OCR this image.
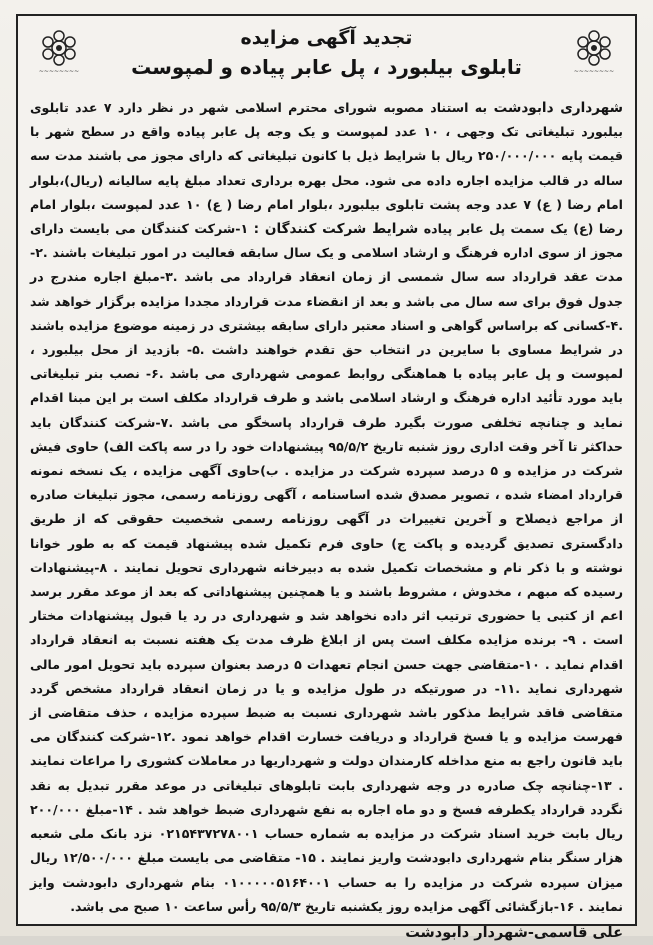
~~~~~~~~	~~~~~~~~
تجدید آگهی مزایده
تابلوی بیلبورد ، پل عابر پیاده و لمپوست

شهرداری دابودشت به استناد مصوبه شورای محترم اسلامی شهر در نظر دارد ۷ عدد تابلوی بیلبورد تبلیغاتی تک وجهی ، ۱۰ عدد لمپوست و یک وجه پل عابر پیاده واقع در سطح شهر با قیمت پایه ۲۵۰/۰۰۰/۰۰۰ ریال با شرایط ذیل با کانون تبلیغاتی که دارای مجوز می باشند مدت سه ساله در قالب مزایده اجاره داده می شود. محل بهره برداری تعداد مبلغ پایه سالیانه (ریال)،بلوار امام رضا ( ع) ۷ عدد وجه پشت تابلوی بیلبورد ،بلوار امام رضا ( ع) ۱۰ عدد لمپوست ،بلوار امام رضا (ع) یک سمت پل عابر پیاده شرایط شرکت کنندگان : ۱-شرکت کنندگان می بایست دارای مجوز از سوی اداره فرهنگ و ارشاد اسلامی و یک سال سابقه فعالیت در امور تبلیغات باشند .۲-مدت عقد قرارداد سه سال شمسی از زمان انعقاد قرارداد می باشد .۳-مبلغ اجاره مندرج در جدول فوق برای سه سال می باشد و بعد از انقضاء مدت قرارداد مجددا مزایده برگزار خواهد شد .۴-کسانی که براساس گواهی و اسناد معتبر دارای سابقه بیشتری در زمینه موضوع مزایده باشند در شرایط مساوی با سایرین در انتخاب حق تقدم خواهند داشت .۵- بازدید از محل بیلبورد ، لمپوست و پل عابر پیاده با هماهنگی روابط عمومی شهرداری می باشد .۶- نصب بنر تبلیغاتی باید مورد تأئید اداره فرهنگ و ارشاد اسلامی باشد و طرف قرارداد مکلف است بر این مبنا اقدام نماید و چنانچه تخلفی صورت بگیرد طرف قرارداد پاسخگو می باشد .۷-شرکت کنندگان باید حداکثر تا آخر وقت اداری روز شنبه تاریخ ۹۵/۵/۲ پیشنهادات خود را در سه پاکت الف) حاوی فیش شرکت در مزایده و ۵ درصد سپرده شرکت در مزایده . ب)حاوی آگهی مزایده ، یک نسخه نمونه قرارداد امضاء شده ، تصویر مصدق شده اساسنامه ، آگهی روزنامه رسمی، مجوز تبلیغات صادره از مراجع ذیصلاح و آخرین تغییرات در آگهی روزنامه رسمی شخصیت حقوقی که از طریق دادگستری تصدیق گردیده و پاکت ج) حاوی فرم تکمیل شده پیشنهاد قیمت که به طور خوانا نوشته و با ذکر نام و مشخصات تکمیل شده به دبیرخانه شهرداری تحویل نمایند . ۸-پیشنهادات رسیده که مبهم ، مخدوش ، مشروط باشند و یا همچنین پیشنهاداتی که بعد از موعد مقرر برسد اعم از کتبی یا حضوری ترتیب اثر داده نخواهد شد و شهرداری در رد یا قبول پیشنهادات مختار است . ۹- برنده مزایده مکلف است پس از ابلاغ ظرف مدت یک هفته نسبت به انعقاد قرارداد اقدام نماید . ۱۰-متقاضی جهت حسن انجام تعهدات ۵ درصد بعنوان سپرده باید تحویل امور مالی شهرداری نماید .۱۱- در صورتیکه در طول مزایده و یا در زمان انعقاد قرارداد مشخص گردد متقاضی فاقد شرایط مذکور باشد شهرداری نسبت به ضبط سپرده مزایده ، حذف متقاضی از فهرست مزایده و یا فسخ قرارداد و دریافت خسارت اقدام خواهد نمود .۱۲-شرکت کنندگان می باید قانون راجع به منع مداخله کارمندان دولت و شهرداریها در معاملات کشوری را مراعات نمایند . ۱۳-چنانچه چک صادره در وجه شهرداری بابت تابلوهای تبلیغاتی در موعد مقرر تبدیل به نقد نگردد قرارداد یکطرفه فسخ و دو ماه اجاره به نفع شهرداری ضبط خواهد شد . ۱۴-مبلغ ۲۰۰/۰۰۰ ریال بابت خرید اسناد شرکت در مزایده به شماره حساب ۰۲۱۵۴۳۷۲۷۸۰۰۱ نزد بانک ملی شعبه هزار سنگر بنام شهرداری دابودشت واریز نمایند . ۱۵- متقاضی می بایست مبلغ ۱۲/۵۰۰/۰۰۰ ریال میزان سپرده شرکت در مزایده را به حساب ۰۱۰۰۰۰۰۵۱۶۴۰۰۱ بنام شهرداری دابودشت وایز نمایند . ۱۶-بازگشائی آگهی مزایده روز یکشنبه تاریخ ۹۵/۵/۳ رأس ساعت ۱۰ صبح می باشد.

علی قاسمی-شهردار دابودشت
